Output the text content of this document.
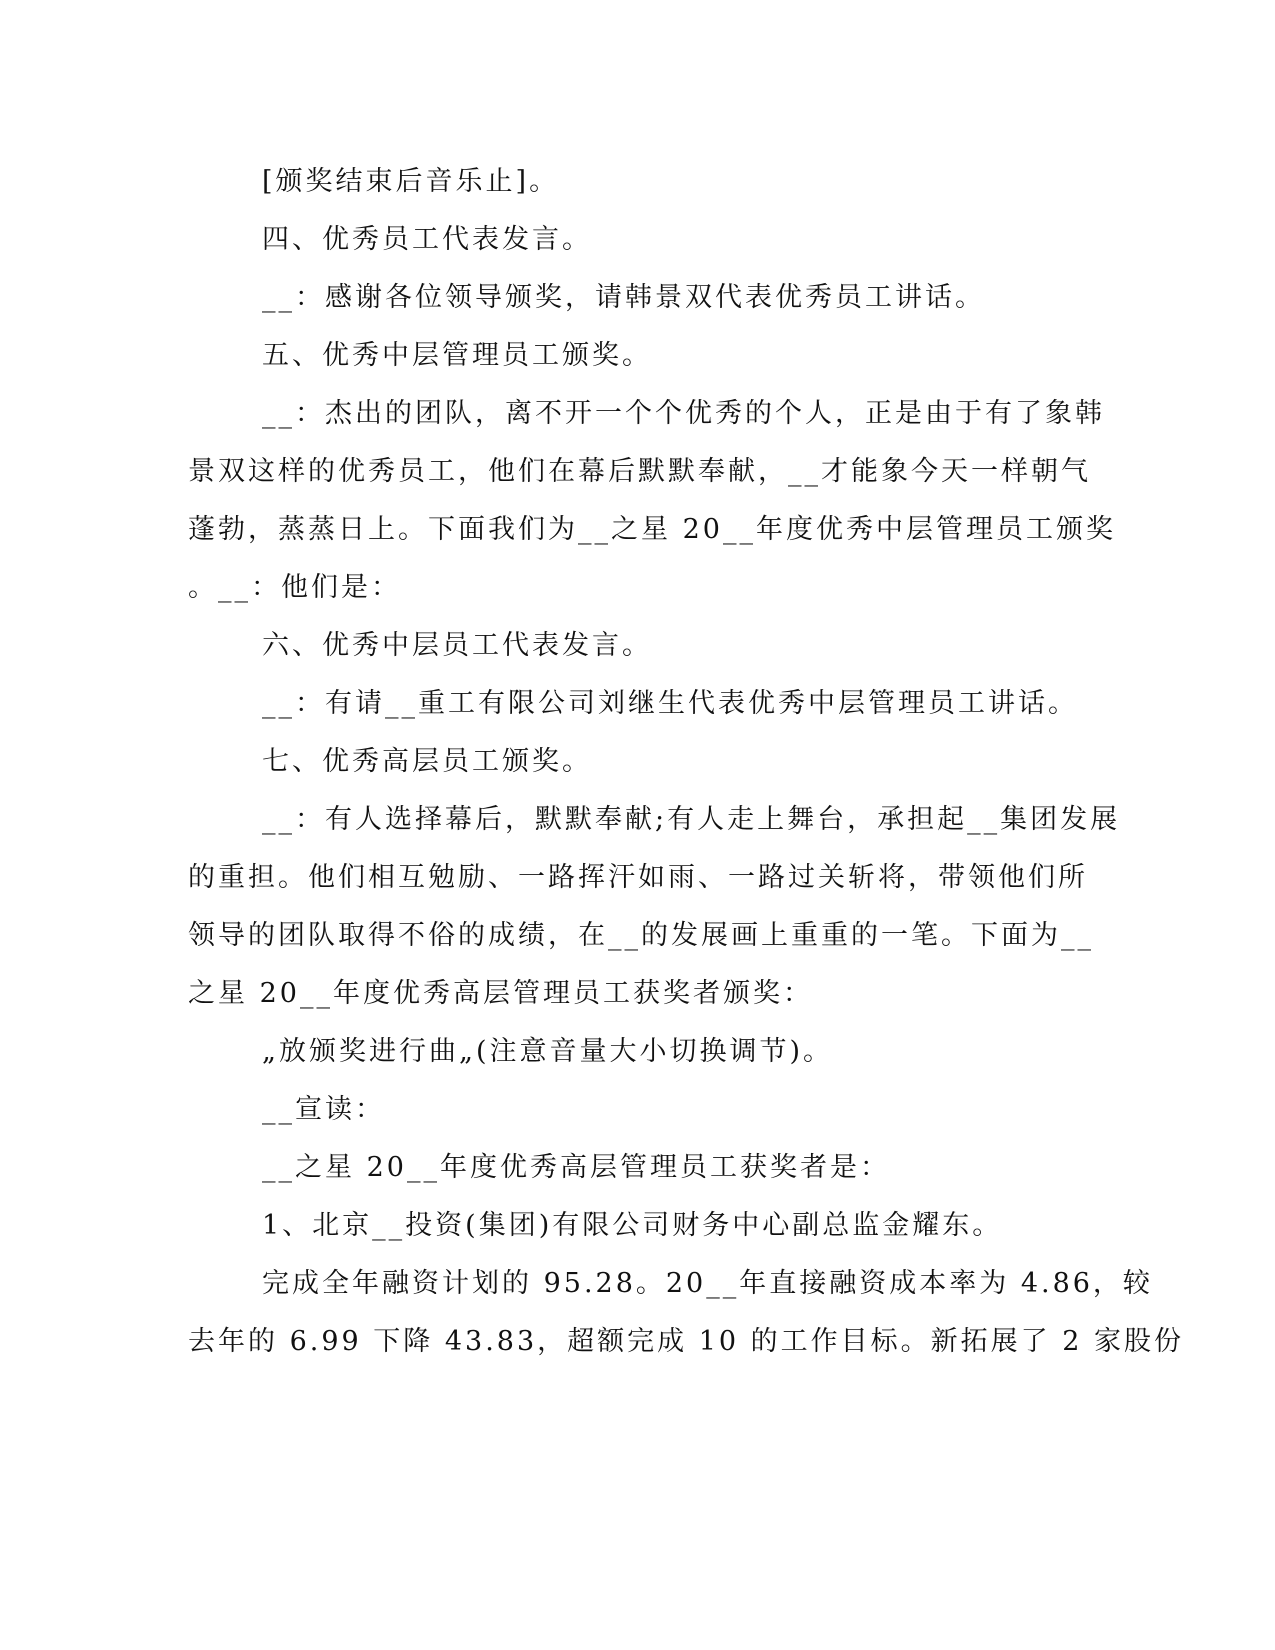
[颁奖结束后音乐止]。
四、优秀员工代表发言。
__：感谢各位领导颁奖，请韩景双代表优秀员工讲话。
五、优秀中层管理员工颁奖。
__：杰出的团队，离不开一个个优秀的个人，正是由于有了象韩
景双这样的优秀员工，他们在幕后默默奉献，__才能象今天一样朝气
蓬勃，蒸蒸日上。下面我们为__之星 20__年度优秀中层管理员工颁奖
。__：他们是：
六、优秀中层员工代表发言。
__：有请__重工有限公司刘继生代表优秀中层管理员工讲话。
七、优秀高层员工颁奖。
__：有人选择幕后，默默奉献;有人走上舞台，承担起__集团发展
的重担。他们相互勉励、一路挥汗如雨、一路过关斩将，带领他们所
领导的团队取得不俗的成绩，在__的发展画上重重的一笔。下面为__
之星 20__年度优秀高层管理员工获奖者颁奖：
„放颁奖进行曲„(注意音量大小切换调节)。
__宣读：
__之星 20__年度优秀高层管理员工获奖者是：
1、北京__投资(集团)有限公司财务中心副总监金耀东。
完成全年融资计划的 95.28。20__年直接融资成本率为 4.86，较
去年的 6.99 下降 43.83，超额完成 10 的工作目标。新拓展了 2 家股份
